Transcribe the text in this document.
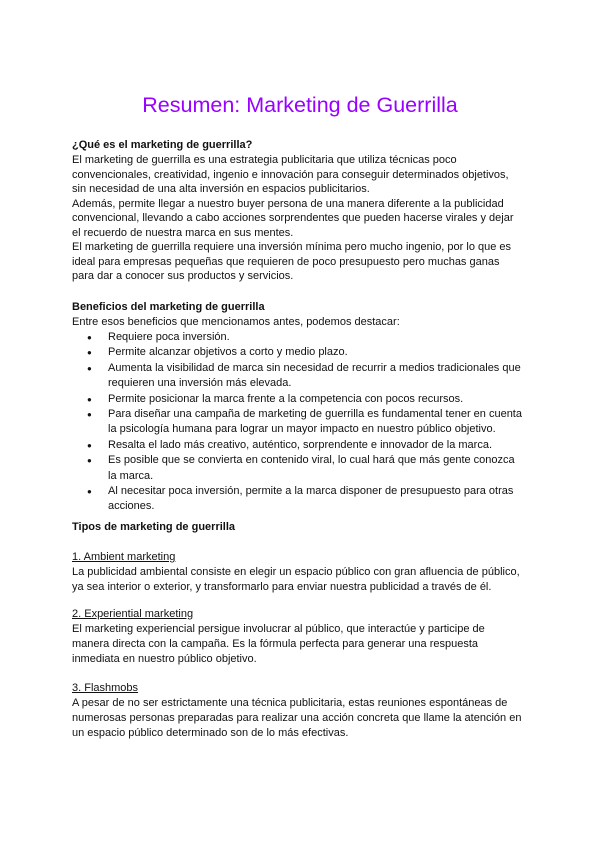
Resumen: Marketing de Guerrilla
¿Qué es el marketing de guerrilla?
El marketing de guerrilla es una estrategia publicitaria que utiliza técnicas poco
convencionales, creatividad, ingenio e innovación para conseguir determinados objetivos,
sin necesidad de una alta inversión en espacios publicitarios.
Además, permite llegar a nuestro buyer persona de una manera diferente a la publicidad
convencional, llevando a cabo acciones sorprendentes que pueden hacerse virales y dejar
el recuerdo de nuestra marca en sus mentes.
El marketing de guerrilla requiere una inversión mínima pero mucho ingenio, por lo que es
ideal para empresas pequeñas que requieren de poco presupuesto pero muchas ganas
para dar a conocer sus productos y servicios.
Beneficios del marketing de guerrilla
Entre esos beneficios que mencionamos antes, podemos destacar:
● Requiere poca inversión.
● Permite alcanzar objetivos a corto y medio plazo.
● Aumenta la visibilidad de marca sin necesidad de recurrir a medios tradicionales que
requieren una inversión más elevada.
● Permite posicionar la marca frente a la competencia con pocos recursos.
● Para diseñar una campaña de marketing de guerrilla es fundamental tener en cuenta
la psicología humana para lograr un mayor impacto en nuestro público objetivo.
● Resalta el lado más creativo, auténtico, sorprendente e innovador de la marca.
● Es posible que se convierta en contenido viral, lo cual hará que más gente conozca
la marca.
● Al necesitar poca inversión, permite a la marca disponer de presupuesto para otras
acciones.
Tipos de marketing de guerrilla
1. Ambient marketing
La publicidad ambiental consiste en elegir un espacio público con gran afluencia de público,
ya sea interior o exterior, y transformarlo para enviar nuestra publicidad a través de él.
2. Experiential marketing
El marketing experiencial persigue involucrar al público, que interactúe y participe de
manera directa con la campaña. Es la fórmula perfecta para generar una respuesta
inmediata en nuestro público objetivo.
3. Flashmobs
A pesar de no ser estrictamente una técnica publicitaria, estas reuniones espontáneas de
numerosas personas preparadas para realizar una acción concreta que llame la atención en
un espacio público determinado son de lo más efectivas.
